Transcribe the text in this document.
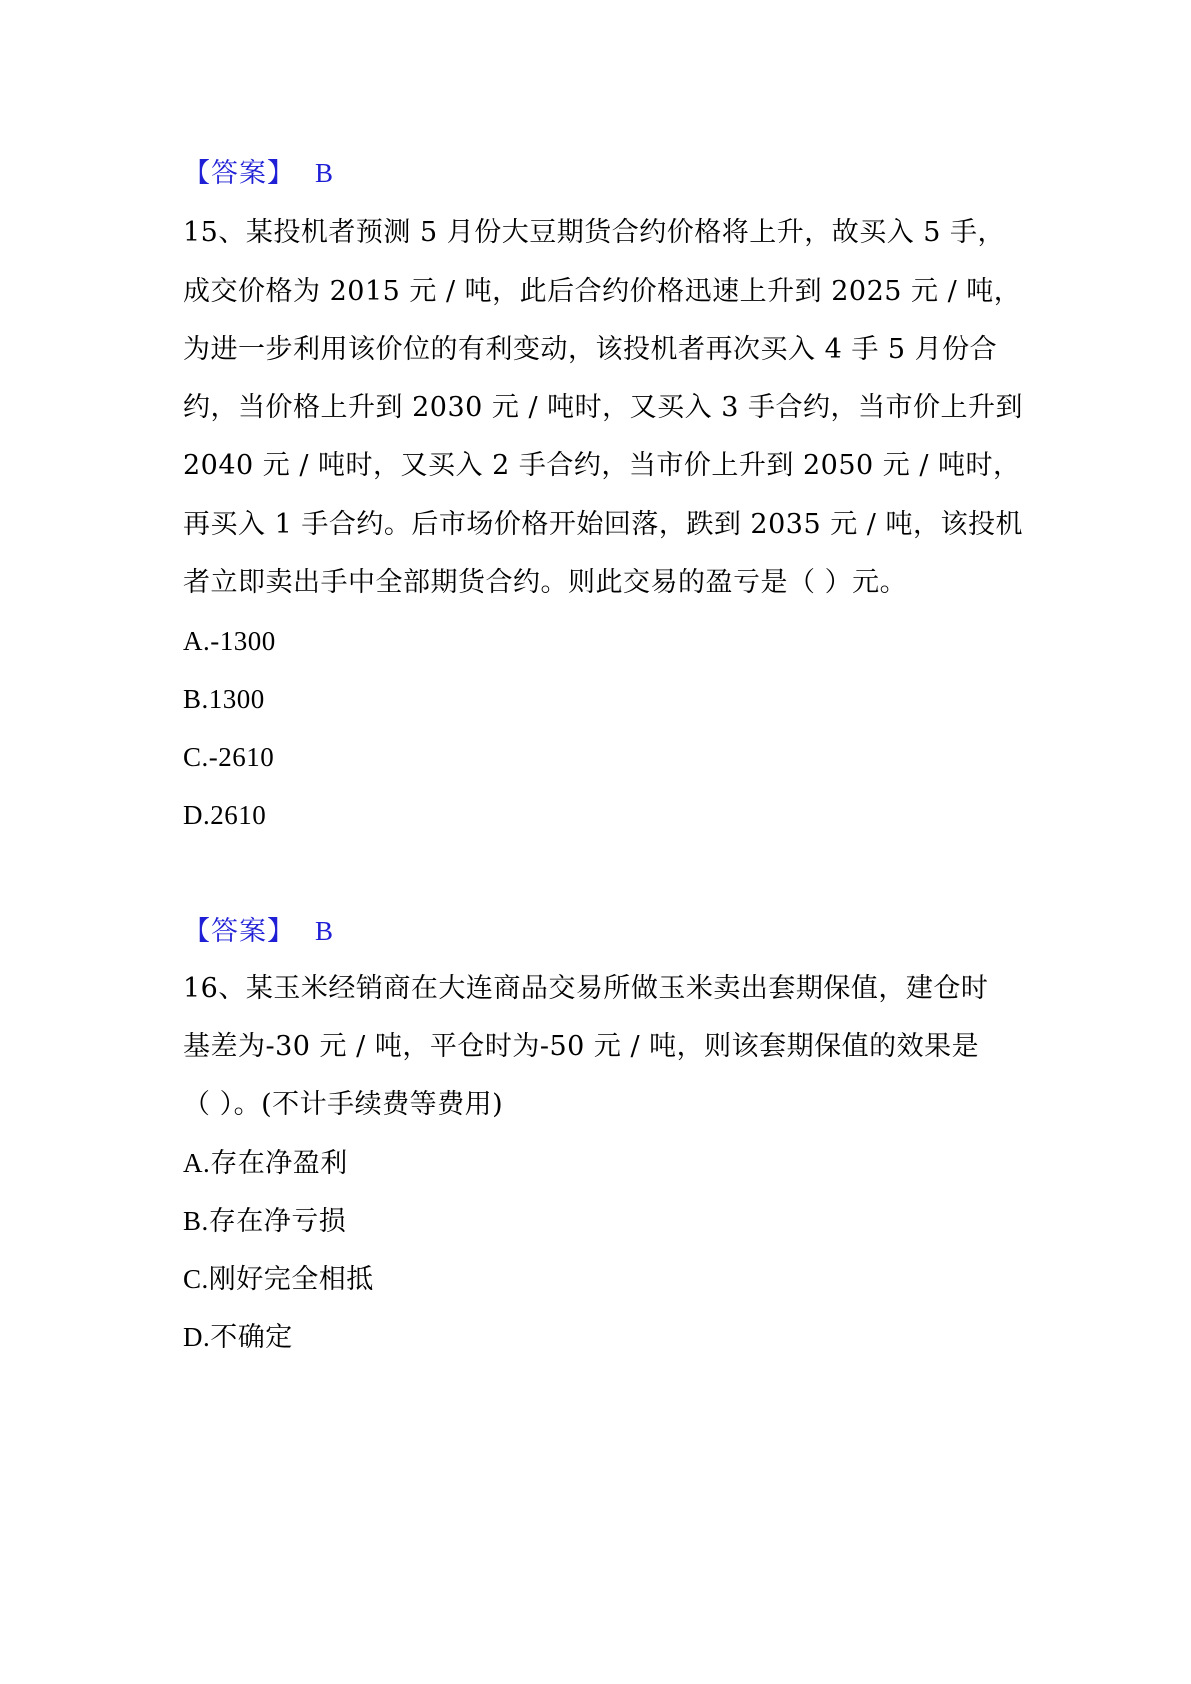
【答案】 B
15、某投机者预测 5 月份大豆期货合约价格将上升，故买入 5 手，
成交价格为 2015 元 / 吨，此后合约价格迅速上升到 2025 元 / 吨，
为进一步利用该价位的有利变动，该投机者再次买入 4 手 5 月份合
约，当价格上升到 2030 元 / 吨时，又买入 3 手合约，当市价上升到
2040 元 / 吨时，又买入 2 手合约，当市价上升到 2050 元 / 吨时，
再买入 1 手合约。后市场价格开始回落，跌到 2035 元 / 吨，该投机
者立即卖出手中全部期货合约。则此交易的盈亏是（ ）元。
A.-1300
B.1300
C.-2610
D.2610
【答案】 B
16、某玉米经销商在大连商品交易所做玉米卖出套期保值，建仓时
基差为-30 元 / 吨，平仓时为-50 元 / 吨，则该套期保值的效果是
（ ）。(不计手续费等费用)
A.存在净盈利
B.存在净亏损
C.刚好完全相抵
D.不确定
